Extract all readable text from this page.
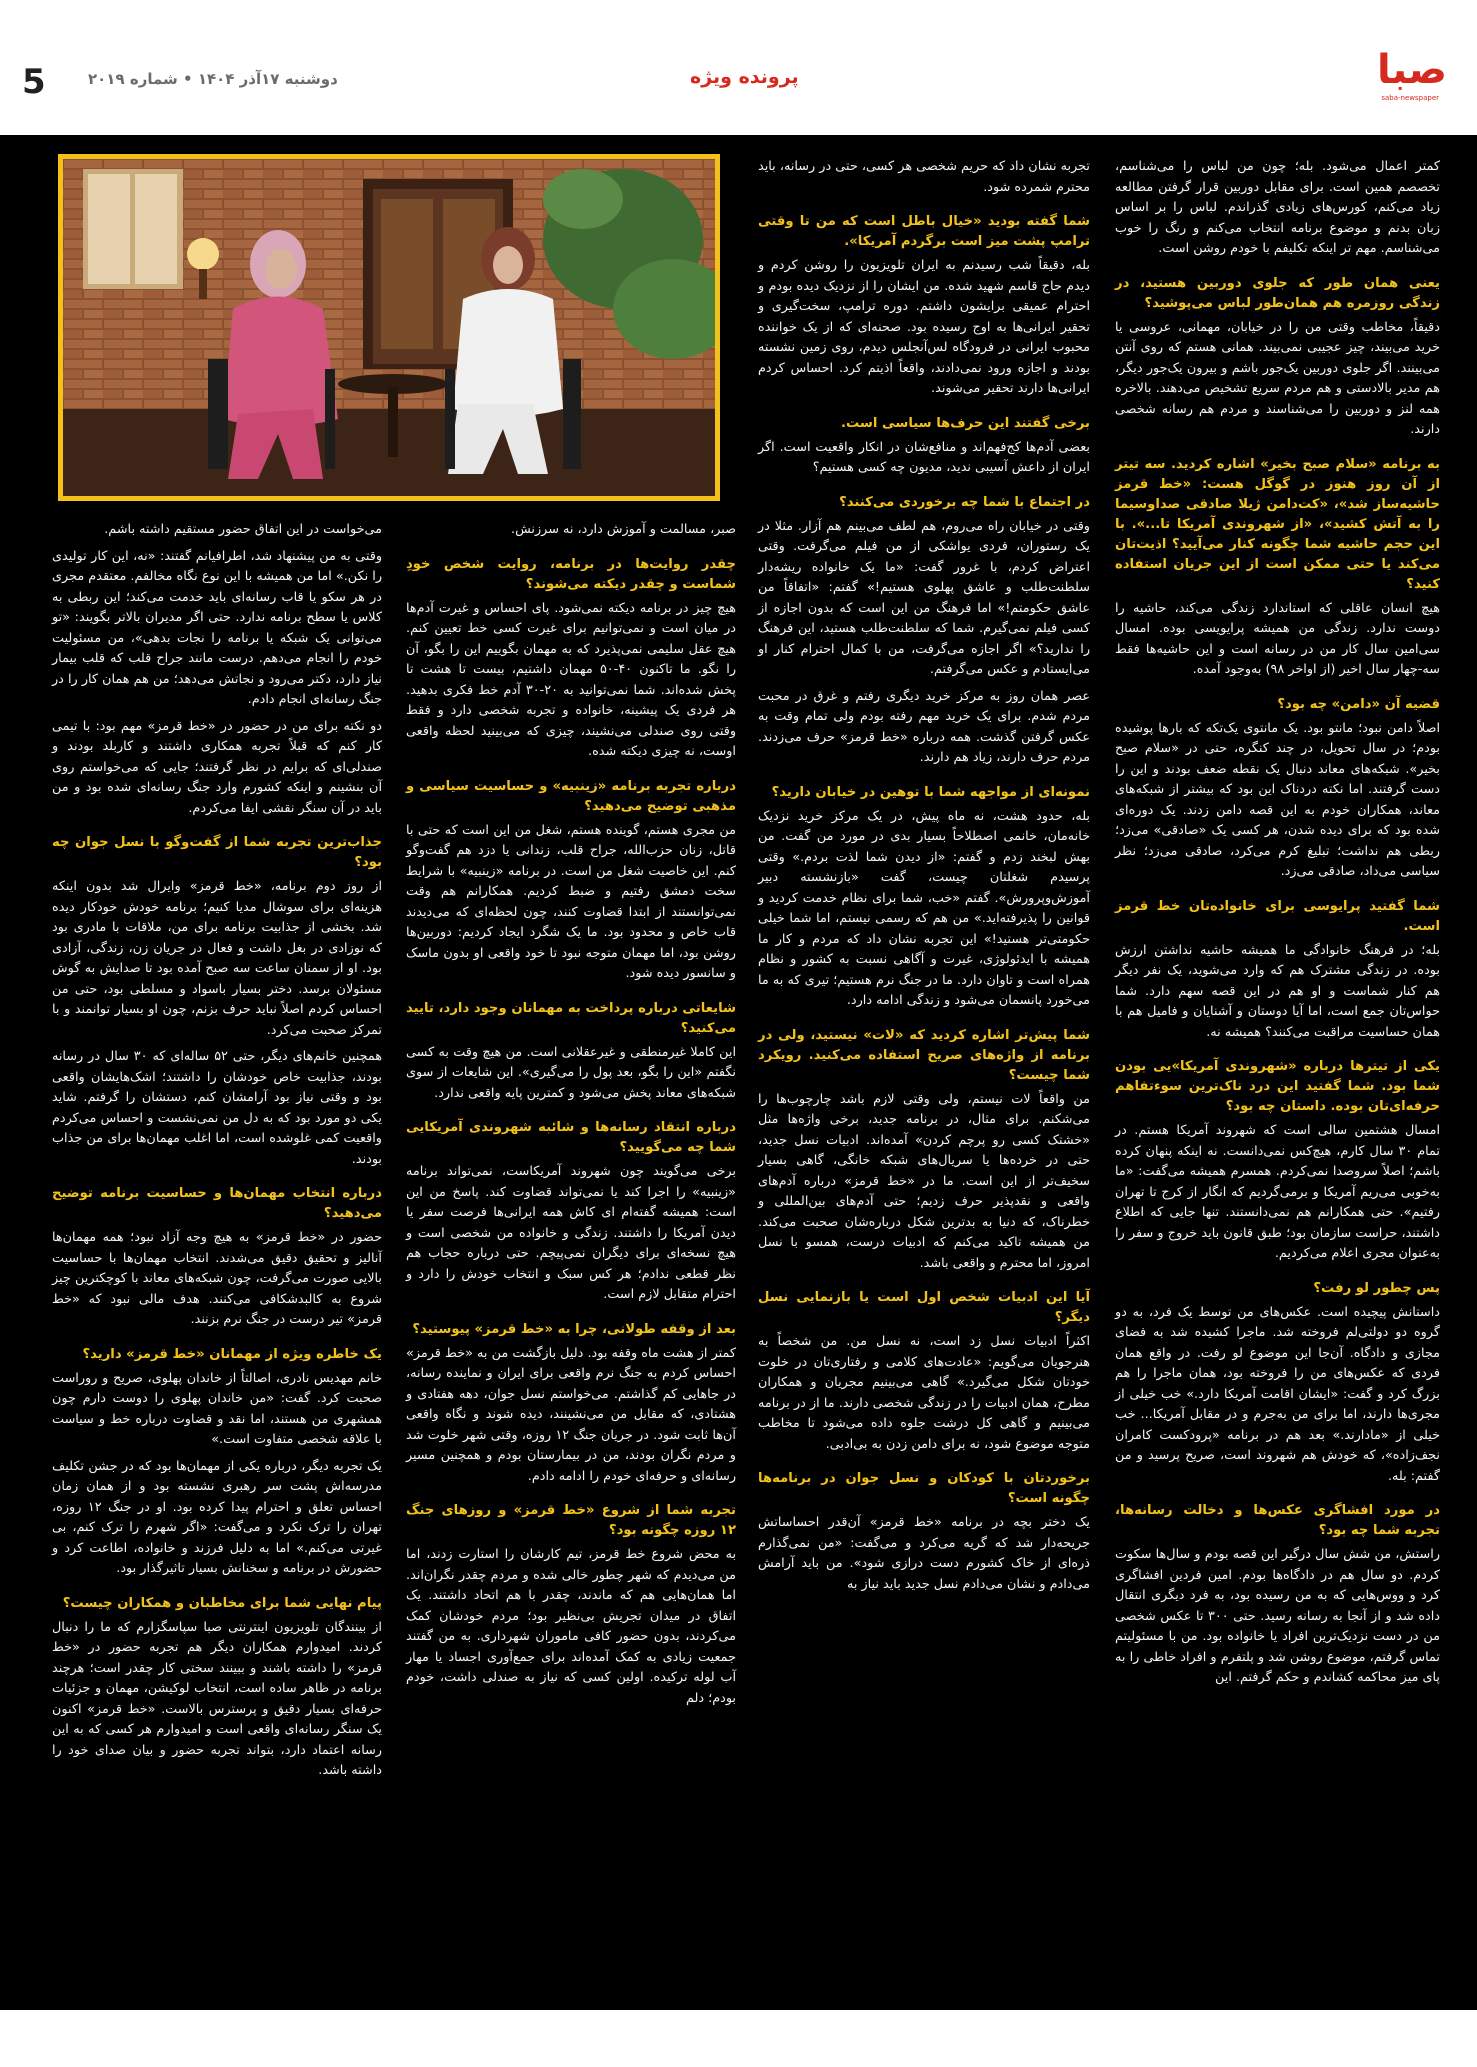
صبا
saba-newspaper
پرونده ویژه
دوشنبه ۱۷آذر ۱۴۰۴ • شماره ۲۰۱۹
5

کمتر اعمال می‌شود. بله؛ چون من لباس را می‌شناسم، تخصصم همین است. برای مقابل دوربین قرار گرفتن مطالعه زیاد می‌کنم، کورس‌های زیادی گذراندم. لباس را بر اساس زبان بدنم و موضوع برنامه انتخاب می‌کنم و رنگ را خوب می‌شناسم. مهم تر اینکه تکلیفم با خودم روشن است.

یعنی همان طور که جلوی دوربین هستید، در زندگی روزمره هم همان‌طور لباس می‌پوشید؟

دقیقاً، مخاطب وقتی من را در خیابان، مهمانی، عروسی یا خرید می‌بیند، چیز عجیبی نمی‌بیند. همانی هستم که روی آنتن می‌بینند. اگر جلوی دوربین یک‌جور باشم و بیرون یک‌جور دیگر، هم مدیر بالادستی و هم مردم سریع تشخیص می‌دهند. بالاخره همه لنز و دوربین را می‌شناسند و مردم هم رسانه شخصی دارند.

به برنامه «سلام صبح بخیر» اشاره کردید. سه تیتر از آن روز هنوز در گوگل هست: «خط قرمز حاشیه‌ساز شد»، «کت‌دامن ژیلا صادقی صداوسیما را به آتش کشید»، «از شهروندی آمریکا تا...». با این حجم حاشیه شما چگونه کنار می‌آیید؟ اذیت‌تان می‌کند یا حتی ممکن است از این جریان استفاده کنید؟

هیچ انسان عاقلی که استاندارد زندگی می‌کند، حاشیه را دوست ندارد. زندگی من همیشه پرایویسی بوده. امسال سی‌امین سال کار من در رسانه است و این حاشیه‌ها فقط سه-چهار سال اخیر (از اواخر ۹۸) به‌وجود آمده.

قضیه آن «دامن» چه بود؟

اصلاً دامن نبود؛ مانتو بود. یک مانتوی یک‌تکه که بارها پوشیده بودم؛ در سال تحویل، در چند کنگره، حتی در «سلام صبح بخیر». شبکه‌های معاند دنبال یک نقطه ضعف بودند و این را دست گرفتند. اما نکته دردناک این بود که بیشتر از شبکه‌های معاند، همکاران خودم به این قصه دامن زدند. یک دوره‌ای شده بود که برای دیده شدن، هر کسی یک «صادقی» می‌زد؛ ربطی هم نداشت؛ تبلیغ کرم می‌کرد، صادقی می‌زد؛ نظر سیاسی می‌داد، صادقی می‌زد.

شما گفتید پرایوسی برای خانواده‌تان خط قرمز است.

بله؛ در فرهنگ خانوادگی ما همیشه حاشیه نداشتن ارزش بوده. در زندگی مشترک هم که وارد می‌شوید، یک نفر دیگر هم کنار شماست و او هم در این قصه سهم دارد. شما حواس‌تان جمع است، اما آیا دوستان و آشنایان و فامیل هم با همان حساسیت مراقبت می‌کنند؟ همیشه نه.

یکی از تیترها درباره «شهروندی آمریکا»یی بودن شما بود. شما گفتید این درد ناک‌ترین سوءتفاهم حرفه‌ای‌تان بوده. داستان چه بود؟

امسال هشتمین سالی است که شهروند آمریکا هستم. در تمام ۳۰ سال کارم، هیچ‌کس نمی‌دانست. نه اینکه پنهان کرده باشم؛ اصلاً سروصدا نمی‌کردم. همسرم همیشه می‌گفت: «ما به‌خوبی می‌ریم آمریکا و برمی‌گردیم که انگار از کرج تا تهران رفتیم». حتی همکارانم هم نمی‌دانستند. تنها جایی که اطلاع داشتند، حراست سازمان بود؛ طبق قانون باید خروج و سفر را به‌عنوان مجری اعلام می‌کردیم.

پس چطور لو رفت؟

داستانش پیچیده است. عکس‌های من توسط یک فرد، به دو گروه دو دولتی‌لم فروخته شد. ماجرا کشیده شد به فضای مجازی و دادگاه. آن‌جا این موضوع لو رفت. در واقع همان فردی که عکس‌های من را فروخته بود، همان ماجرا را هم بزرگ کرد و گفت: «ایشان اقامت آمریکا دارد.» خب خیلی از مجری‌ها دارند، اما برای من به‌جرم و در مقابل آمریکا... خب خیلی از «مادارند.» بعد هم در برنامه «پرودکست کامران نجف‌زاده»، که خودش هم شهروند است، صریح پرسید و من گفتم: بله.

در مورد افشاگری عکس‌ها و دخالت رسانه‌ها، تجربه شما چه بود؟

راستش، من شش سال درگیر این قصه بودم و سال‌ها سکوت کردم. دو سال هم در دادگاه‌ها بودم. امین فردین افشاگری کرد و ووس‌هایی که به من رسیده بود، به فرد دیگری انتقال داده شد و از آنجا به رسانه رسید. حتی ۳۰۰ تا عکس شخصی من در دست نزدیک‌ترین افراد یا خانواده بود. من با مسئولیتم تماس گرفتم، موضوع روشن شد و پلتفرم و افراد خاطی را به پای میز محاکمه کشاندم و حکم گرفتم. این

تجربه نشان داد که حریم شخصی هر کسی، حتی در رسانه، باید محترم شمرده شود.

شما گفته بودید «خیال باطل است که من تا وقتی ترامپ پشت میز است برگردم آمریکا».

بله، دقیقاً شب رسیدنم به ایران تلویزیون را روشن کردم و دیدم حاج قاسم شهید شده. من ایشان را از نزدیک دیده بودم و احترام عمیقی برایشون داشتم. دوره ترامپ، سخت‌گیری و تحقیر ایرانی‌ها به اوج رسیده بود. صحنه‌ای که از یک خواننده محبوب ایرانی در فرودگاه لس‌آنجلس دیدم، روی زمین نشسته بودند و اجازه ورود نمی‌دادند، واقعاً اذیتم کرد. احساس کردم ایرانی‌ها دارند تحقیر می‌شوند.

برخی گفتند این حرف‌ها سیاسی است.

بعضی آدم‌ها کج‌فهم‌اند و منافع‌شان در انکار واقعیت است. اگر ایران از داعش آسیبی ندید، مدیون چه کسی هستیم؟

در اجتماع با شما چه برخوردی می‌کنند؟

وقتی در خیابان راه می‌روم، هم لطف می‌بینم هم آزار. مثلا در یک رستوران، فردی یواشکی از من فیلم می‌گرفت. وقتی اعتراض کردم، با غرور گفت: «ما یک خانواده ریشه‌دار سلطنت‌طلب و عاشق پهلوی هستیم!» گفتم: «اتفاقاً من عاشق حکومتم!» اما فرهنگ من این است که بدون اجازه از کسی فیلم نمی‌گیرم. شما که سلطنت‌طلب هستید، این فرهنگ را ندارید؟» اگر اجازه می‌گرفت، من با کمال احترام کنار او می‌ایستادم و عکس می‌گرفتم.

عصر همان روز به مرکز خرید دیگری رفتم و غرق در محبت مردم شدم. برای یک خرید مهم رفته بودم ولی تمام وقت به عکس گرفتن گذشت. همه درباره «خط قرمز» حرف می‌زدند. مردم حرف دارند، زیاد هم دارند.

نمونه‌ای از مواجهه شما با توهین در خیابان دارید؟

بله، حدود هشت، نه ماه پیش، در یک مرکز خرید نزدیک خانه‌مان، خانمی اصطلاحاً بسیار بدی در مورد من گفت. من بهش لبخند زدم و گفتم: «از دیدن شما لذت بردم.» وقتی پرسیدم شغلتان چیست، گفت «بازنشسته دبیر آموزش‌وپرورش». گفتم «خب، شما برای نظام خدمت کردید و قوانین را پذیرفته‌اید.» من هم که رسمی نیستم، اما شما خیلی حکومتی‌تر هستید!» این تجربه نشان داد که مردم و کار ما همیشه با ایدئولوژی، غیرت و آگاهی نسبت به کشور و نظام همراه است و تاوان دارد. ما در جنگ نرم هستیم؛ تیری که به ما می‌خورد پانسمان می‌شود و زندگی ادامه دارد.

شما پیش‌تر اشاره کردید که «لات» نیستید، ولی در برنامه از واژه‌های صریح استفاده می‌کنید. رویکرد شما چیست؟

من واقعاً لات نیستم، ولی وقتی لازم باشد چارچوب‌ها را می‌شکنم. برای مثال، در برنامه جدید، برخی واژه‌ها مثل «خشتک کسی رو پرچم کردن» آمده‌اند. ادبیات نسل جدید، حتی در خرده‌ها یا سریال‌های شبکه خانگی، گاهی بسیار سخیف‌تر از این است. ما در «خط قرمز» درباره آدم‌های واقعی و نقدپذیر حرف زدیم؛ حتی آدم‌های بین‌المللی و خطرناک، که دنیا به بدترین شکل درباره‌شان صحبت می‌کند. من همیشه تاکید می‌کنم که ادبیات درست، همسو با نسل امروز، اما محترم و واقعی باشد.

آیا این ادبیات شخص اول است یا بازنمایی نسل دیگر؟

اکثراً ادبیات نسل زد است، نه نسل من. من شخصاً به هنرجویان می‌گویم: «عادت‌های کلامی و رفتاری‌تان در خلوت خودتان شکل می‌گیرد.» گاهی می‌بینیم مجریان و همکاران مطرح، همان ادبیات را در زندگی شخصی دارند. ما از در برنامه می‌بینیم و گاهی کل درشت جلوه داده می‌شود تا مخاطب متوجه موضوع شود، نه برای دامن زدن به بی‌ادبی.

برخوردتان با کودکان و نسل جوان در برنامه‌ها چگونه است؟

یک دختر بچه در برنامه «خط قرمز» آن‌قدر احساساتش جریحه‌دار شد که گریه می‌کرد و می‌گفت: «من نمی‌گذارم ذره‌ای از خاک کشورم دست درازی شود». من باید آرامش می‌دادم و نشان می‌دادم نسل جدید باید نیاز به

صبر، مسالمت و آموزش دارد، نه سرزنش.

چقدر روایت‌ها در برنامه، روایت شخص خودِ شماست و چقدر دیکته می‌شوند؟

هیچ چیز در برنامه دیکته نمی‌شود. پای احساس و غیرت آدم‌ها در میان است و نمی‌توانیم برای غیرت کسی خط تعیین کنم. هیچ عقل سلیمی نمی‌پذیرد که به مهمان بگوییم این را بگو، آن را نگو. ما تاکنون ۴۰-۵۰ مهمان داشتیم، بیست تا هشت تا پخش شده‌اند. شما نمی‌توانید به ۲۰-۳۰ آدم خط فکری بدهید. هر فردی یک پیشینه، خانواده و تجربه شخصی دارد و فقط وقتی روی صندلی می‌نشیند، چیزی که می‌بینید لحظه واقعی اوست، نه چیزی دیکته شده.

درباره تجربه برنامه «زینبیه» و حساسیت سیاسی و مذهبی توضیح می‌دهید؟

من مجری هستم، گوینده هستم، شغل من این است که حتی با قاتل، زنان حزب‌الله، جراح قلب، زندانی یا دزد هم گفت‌وگو کنم. این خاصیت شغل من است. در برنامه «زینبیه» با شرایط سخت دمشق رفتیم و ضبط کردیم. همکارانم هم وقت نمی‌توانستند از ابتدا قضاوت کنند، چون لحظه‌ای که می‌دیدند قاب خاص و محدود بود. ما یک شگرد ایجاد کردیم: دوربین‌ها روشن بود، اما مهمان متوجه نبود تا خود واقعی او بدون ماسک و سانسور دیده شود.

شایعاتی درباره پرداخت به مهمانان وجود دارد، تایید می‌کنید؟

این کاملا غیرمنطقی و غیرعقلانی است. من هیچ وقت به کسی نگفتم «این را بگو، بعد پول را می‌گیری». این شایعات از سوی شبکه‌های معاند پخش می‌شود و کمترین پایه واقعی ندارد.

درباره انتقاد رسانه‌ها و شائبه شهروندی آمریکایی شما چه می‌گویید؟

برخی می‌گویند چون شهروند آمریکاست، نمی‌تواند برنامه «زینبیه» را اجرا کند یا نمی‌تواند قضاوت کند. پاسخ من این است: همیشه گفته‌ام ای کاش همه ایرانی‌ها فرصت سفر یا دیدن آمریکا را داشتند. زندگی و خانواده من شخصی است و هیچ نسخه‌ای برای دیگران نمی‌پیچم. حتی درباره حجاب هم نظر قطعی ندادم؛ هر کس سبک و انتخاب خودش را دارد و احترام متقابل لازم است.

بعد از وقفه طولانی، چرا به «خط قرمز» پیوستید؟

کمتر از هشت ماه وقفه بود. دلیل بازگشت من به «خط قرمز» احساس کردم به جنگ نرم واقعی برای ایران و نماینده رسانه، در جاهایی کم گذاشتم. می‌خواستم نسل جوان، دهه هفتادی و هشتادی، که مقابل من می‌نشینند، دیده شوند و نگاه واقعی آن‌ها ثابت شود. در جریان جنگ ۱۲ روزه، وقتی شهر خلوت شد و مردم نگران بودند، من در بیمارستان بودم و همچنین مسیر رسانه‌ای و حرفه‌ای خودم را ادامه دادم.

تجربه شما از شروع «خط قرمز» و روزهای جنگ ۱۲ روزه چگونه بود؟

به محض شروع خط قرمز، تیم کارشان را استارت زدند، اما من می‌دیدم که شهر چطور خالی شده و مردم چقدر نگران‌اند. اما همان‌هایی هم که ماندند، چقدر با هم اتحاد داشتند. یک اتفاق در میدان تجریش بی‌نظیر بود؛ مردم خودشان کمک می‌کردند، بدون حضور کافی ماموران شهرداری. به من گفتند جمعیت زیادی به کمک آمده‌اند برای جمع‌آوری اجساد یا مهار آب لوله ترکیده. اولین کسی که نیاز به صندلی داشت، خودم بودم؛ دلم

می‌خواست در این اتفاق حضور مستقیم داشته باشم.

وقتی به من پیشنهاد شد، اطرافیانم گفتند: «نه، این کار تولیدی را نکن.» اما من همیشه با این نوع نگاه مخالفم. معتقدم مجری در هر سکو یا قاب رسانه‌ای باید خدمت می‌کند؛ این ربطی به کلاس یا سطح برنامه ندارد. حتی اگر مدیران بالاتر بگویند: «تو می‌توانی یک شبکه یا برنامه را نجات بدهی»، من مسئولیت خودم را انجام می‌دهم. درست مانند جراح قلب که قلب بیمار نیاز دارد، دکتر می‌رود و نجاتش می‌دهد؛ من هم همان کار را در جنگ رسانه‌ای انجام دادم.

دو نکته برای من در حضور در «خط قرمز» مهم بود: با تیمی کار کنم که قبلاً تجربه همکاری داشتند و کاربلد بودند و صندلی‌ای که برایم در نظر گرفتند؛ جایی که می‌خواستم روی آن بنشینم و اینکه کشورم وارد جنگ رسانه‌ای شده بود و من باید در آن سنگر نقشی ایفا می‌کردم.

جذاب‌ترین تجربه شما از گفت‌وگو با نسل جوان چه بود؟

از روز دوم برنامه، «خط قرمز» وایرال شد بدون اینکه هزینه‌ای برای سوشال مدیا کنیم؛ برنامه خودش خودکار دیده شد. بخشی از جذابیت برنامه برای من، ملاقات با مادری بود که نوزادی در بغل داشت و فعال در جریان زن، زندگی، آزادی بود. او از سمنان ساعت سه صبح آمده بود تا صدایش به گوش مسئولان برسد. دختر بسیار باسواد و مسلطی بود، حتی من احساس کردم اصلاً نباید حرف بزنم، چون او بسیار توانمند و با تمرکز صحبت می‌کرد.

همچنین خانم‌های دیگر، حتی ۵۲ ساله‌ای که ۳۰ سال در رسانه بودند، جذابیت خاص خودشان را داشتند؛ اشک‌هایشان واقعی بود و وقتی نیاز بود آرامشان کنم، دستشان را گرفتم. شاید یکی دو مورد بود که به دل من نمی‌نشست و احساس می‌کردم واقعیت کمی غلوشده است، اما اغلب مهمان‌ها برای من جذاب بودند.

درباره انتخاب مهمان‌ها و حساسیت برنامه توضیح می‌دهید؟

حضور در «خط قرمز» به هیچ وجه آزاد نبود؛ همه مهمان‌ها آنالیز و تحقیق دقیق می‌شدند. انتخاب مهمان‌ها با حساسیت بالایی صورت می‌گرفت، چون شبکه‌های معاند با کوچکترین چیز شروع به کالبدشکافی می‌کنند. هدف مالی نبود که «خط قرمز» تیر درست در جنگ نرم بزنند.

یک خاطره ویژه از مهمانان «خط قرمز» دارید؟

خانم مهدیس نادری، اصالتاً از خاندان پهلوی، صریح و روراست صحبت کرد. گفت: «من خاندان پهلوی را دوست دارم چون همشهری من هستند، اما نقد و قضاوت درباره خط و سیاست با علاقه شخصی متفاوت است.»

یک تجربه دیگر، درباره یکی از مهمان‌ها بود که در جشن تکلیف مدرسه‌اش پشت سر رهبری نشسته بود و از همان زمان احساس تعلق و احترام پیدا کرده بود. او در جنگ ۱۲ روزه، تهران را ترک نکرد و می‌گفت: «اگر شهرم را ترک کنم، بی غیرتی می‌کنم.» اما به دلیل فرزند و خانواده، اطاعت کرد و حضورش در برنامه و سخنانش بسیار تاثیرگذار بود.

پیام نهایی شما برای مخاطبان و همکاران چیست؟

از بینندگان تلویزیون اینترنتی صبا سپاسگزارم که ما را دنبال کردند. امیدوارم همکاران دیگر هم تجربه حضور در «خط قرمز» را داشته باشند و ببینند سختی کار چقدر است؛ هرچند برنامه در ظاهر ساده است، انتخاب لوکیشن، مهمان و جزئیات حرفه‌ای بسیار دقیق و پرسترس بالاست. «خط قرمز» اکنون یک سنگر رسانه‌ای واقعی است و امیدوارم هر کسی که به این رسانه اعتماد دارد، بتواند تجربه حضور و بیان صدای خود را داشته باشد.
